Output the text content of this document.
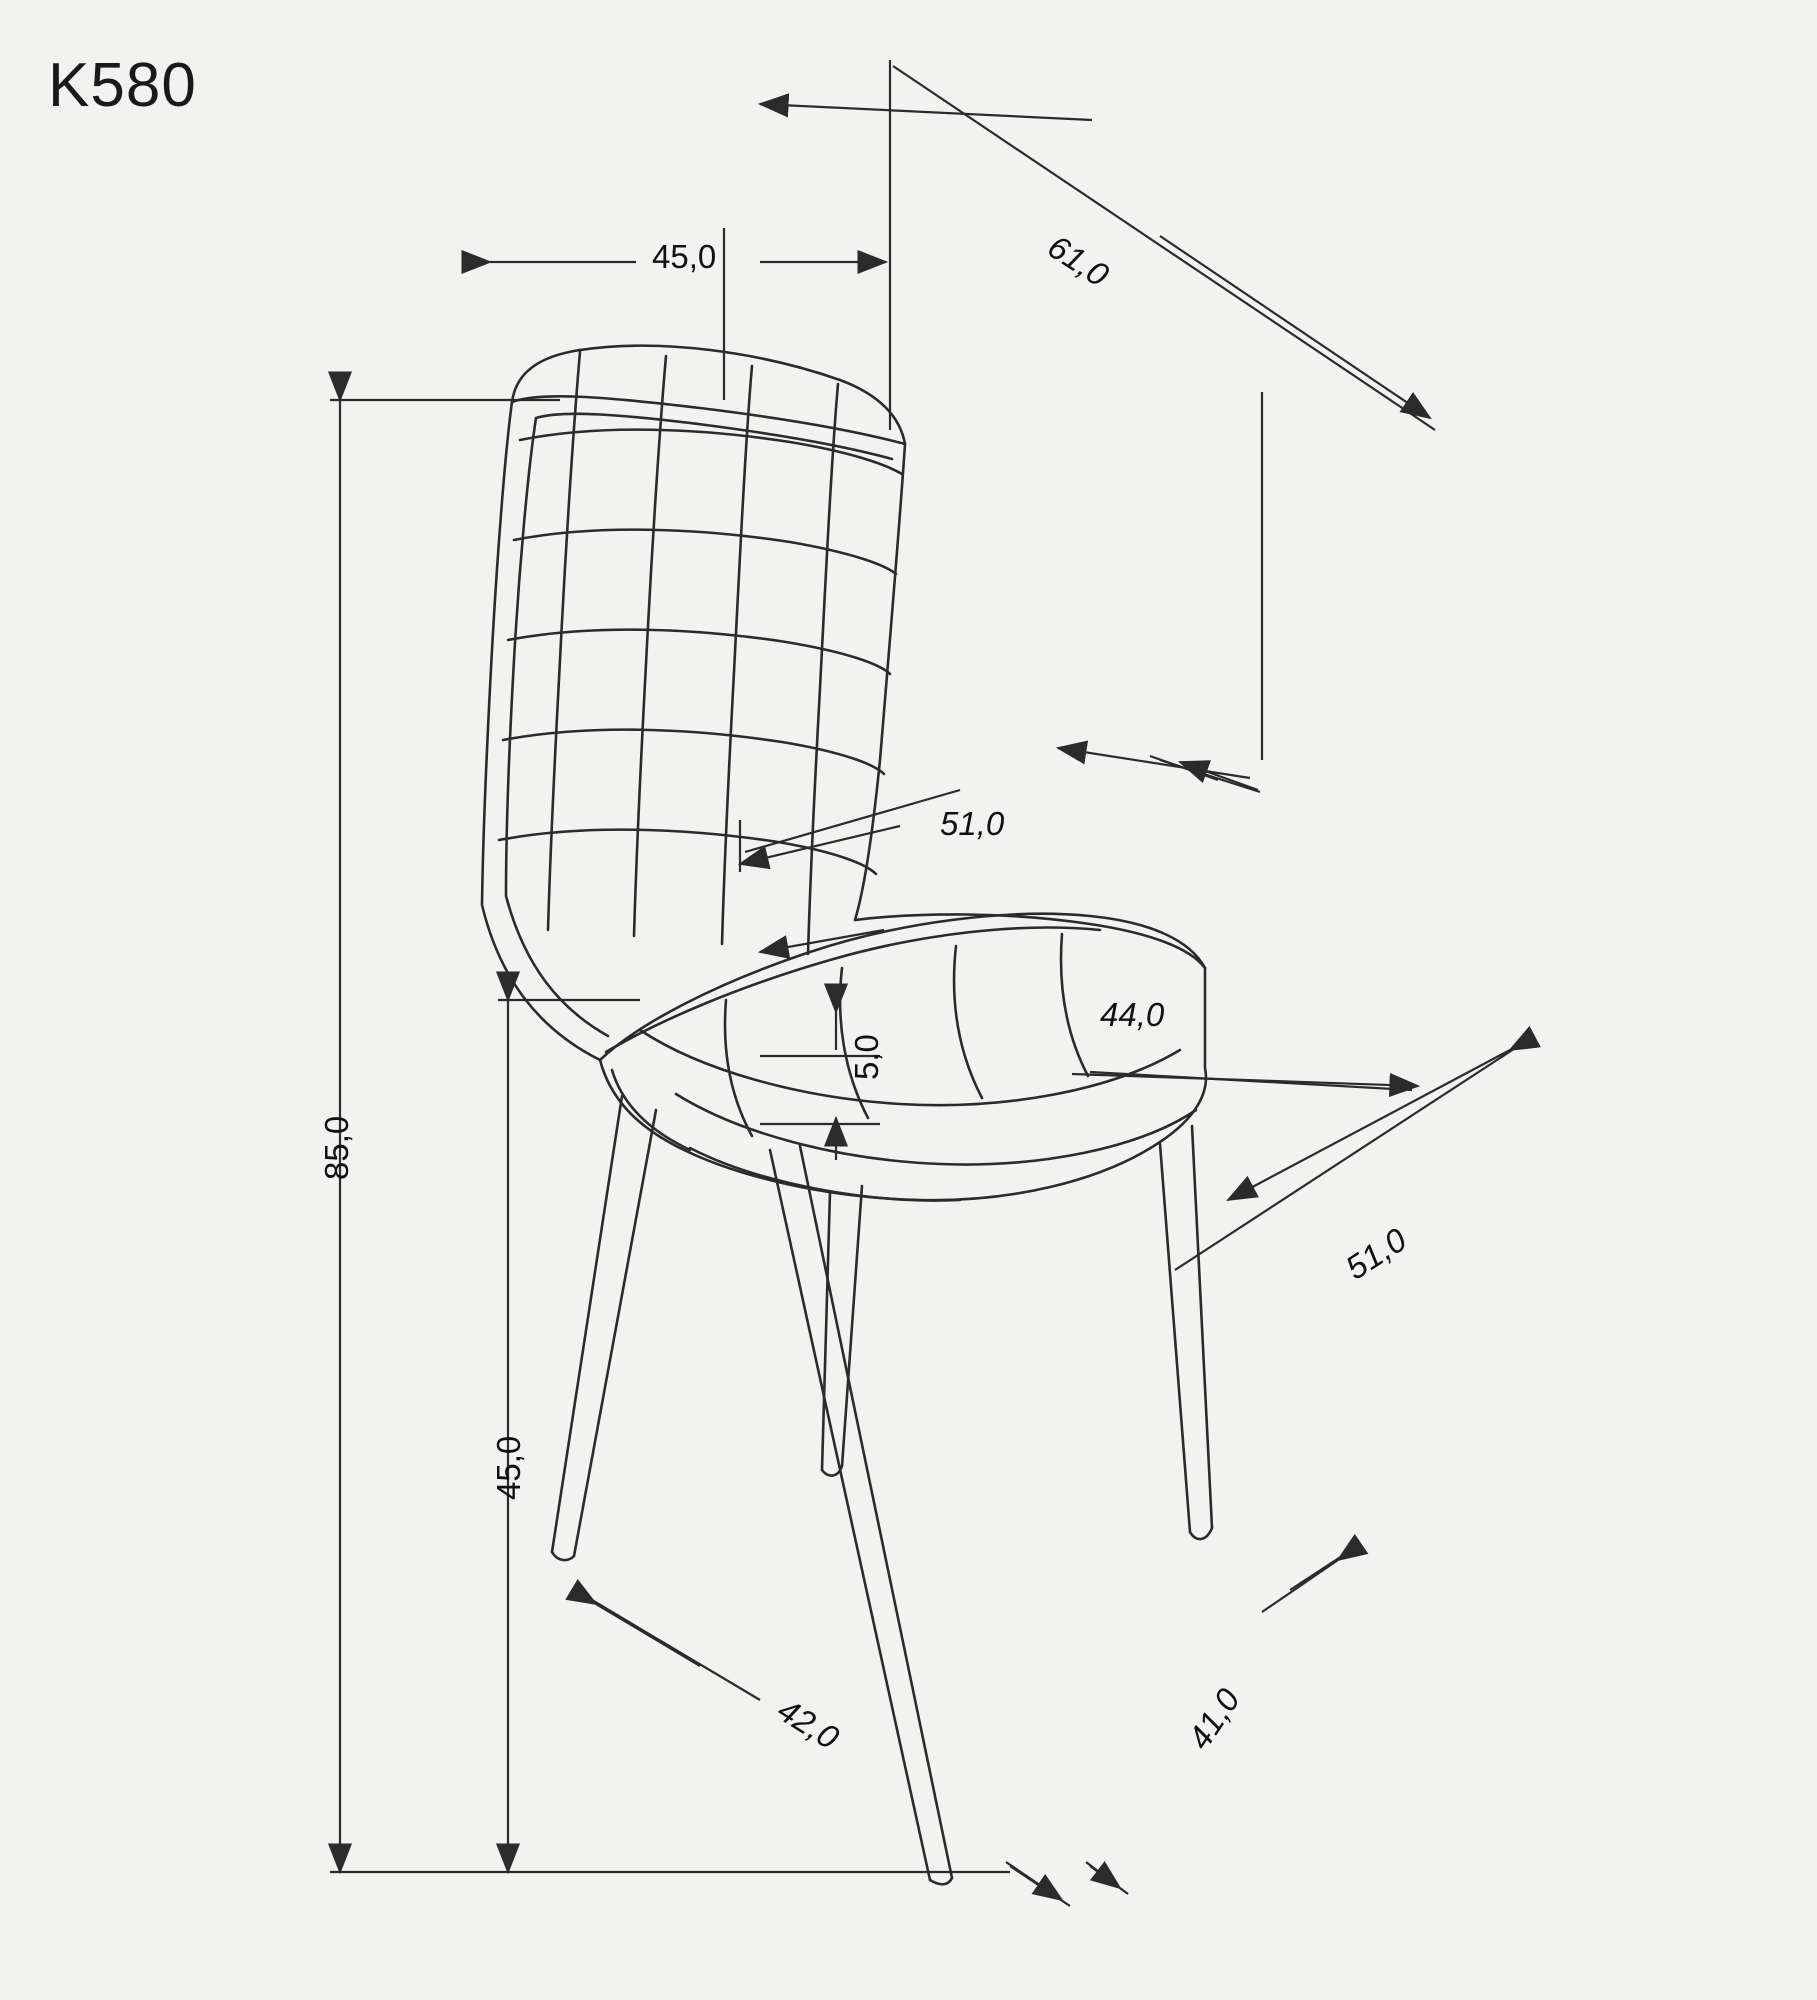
K580
45,0	61,0
85,0
45,0
51,0
44,0
5,0
51,0
42,0	41,0
